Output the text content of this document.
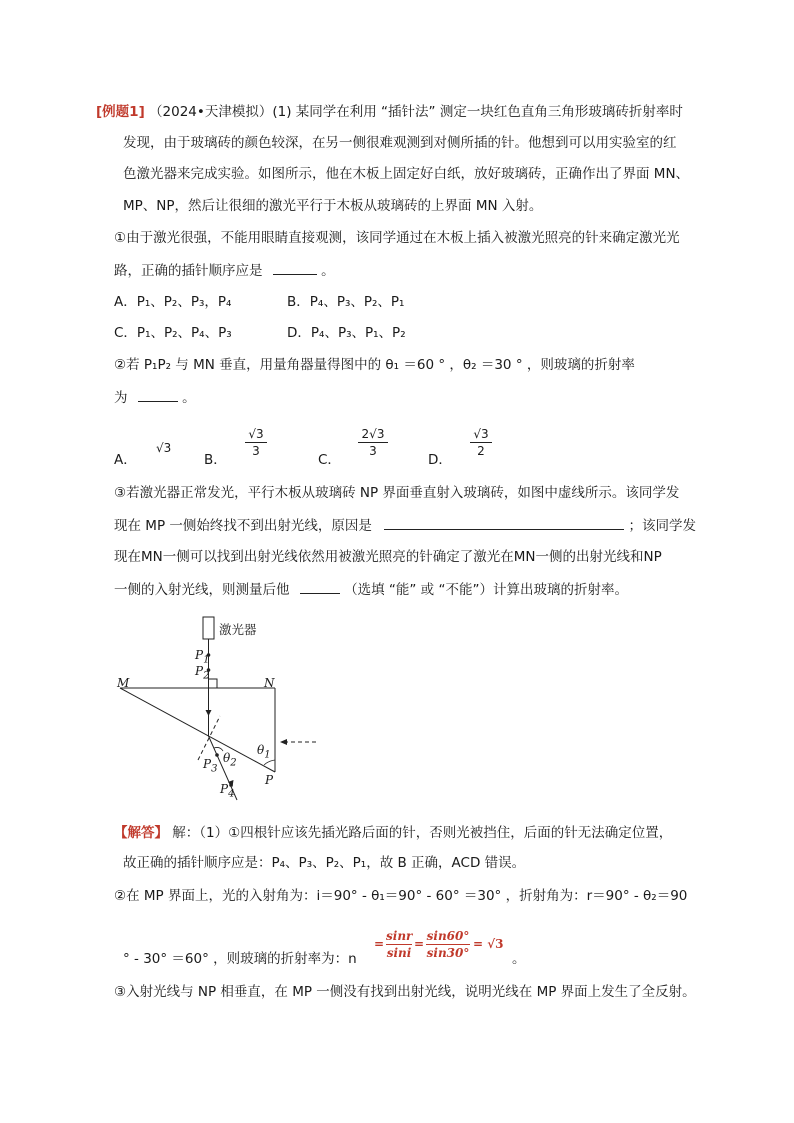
[例题1] （2024•天津模拟）(1) 某同学在利用 “插针法” 测定一块红色直角三角形玻璃砖折射率时
发现，由于玻璃砖的颜色较深，在另一侧很难观测到对侧所插的针。他想到可以用实验室的红
色激光器来完成实验。如图所示，他在木板上固定好白纸，放好玻璃砖，正确作出了界面 MN、
MP、NP，然后让很细的激光平行于木板从玻璃砖的上界面 MN 入射。
①由于激光很强，不能用眼睛直接观测，该同学通过在木板上插入被激光照亮的针来确定激光光
路，正确的插针顺序应是	。
A．P₁、P₂、P₃，P₄	B．P₄、P₃、P₂、P₁
C．P₁、P₂、P₄、P₃	D．P₄、P₃、P₁、P₂
②若 P₁P₂ 与 MN 垂直，用量角器量得图中的 θ₁ ＝60 ° ，θ₂ ＝30 ° ，则玻璃的折射率
为	。
A．
√3
B．
√3
3
C．
2√3
3
D．
√3
2
③若激光器正常发光，平行木板从玻璃砖 NP 界面垂直射入玻璃砖，如图中虚线所示。该同学发
现在 MP 一侧始终找不到出射光线，原因是	；该同学发
现在MN一侧可以找到出射光线依然用被激光照亮的针确定了激光在MN一侧的出射光线和NP
一侧的入射光线，则测量后他	（选填 “能” 或 “不能”）计算出玻璃的折射率。
激光器
$P_1$
$P_2$
M	N
$\theta_1$
$\theta_2$
$P_3$
P
$P_4$
【解答】 解：（1）①四根针应该先插光路后面的针，否则光被挡住，后面的针无法确定位置，
故正确的插针顺序应是：P₄、P₃、P₂、P₁，故 B 正确，ACD 错误。
②在 MP 界面上，光的入射角为：i＝90° - θ₁＝90° - 60° ＝30° ，折射角为：r＝90° - θ₂＝90
° - 30° ＝60° ，则玻璃的折射率为：n
=
sinr
sini
=
sin60°
sin30°
= √3
。
③入射光线与 NP 相垂直，在 MP 一侧没有找到出射光线，说明光线在 MP 界面上发生了全反射。
